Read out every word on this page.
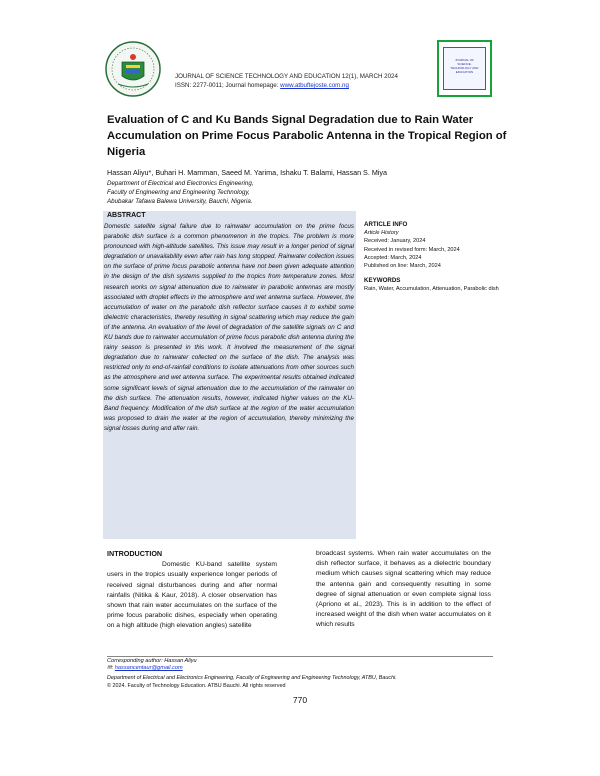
JOURNAL OF SCIENCE TECHNOLOGY AND EDUCATION 12(1), MARCH 2024
ISSN: 2277-0011; Journal homepage: www.atbuftejoste.com.ng
JOURNAL OF SCIENCE, TECHNOLOGY AND EDUCATION
Evaluation of C and Ku Bands Signal Degradation due to Rain Water Accumulation on Prime Focus Parabolic Antenna in the Tropical Region of Nigeria
Hassan Aliyu*, Buhari H. Mamman, Saeed M. Yarima, Ishaku T. Balami, Hassan S. Miya
Department of Electrical and Electronics Engineering,
Faculty of Engineering and Engineering Technology,
Abubakar Tafawa Balewa University, Bauchi, Nigeria.
ABSTRACT
Domestic satellite signal failure due to rainwater accumulation on the prime focus parabolic dish surface is a common phenomenon in the tropics. The problem is more pronounced with high-altitude satellites. This issue may result in a longer period of signal degradation or unavailability even after rain has long stopped. Rainwater collection issues on the surface of prime focus parabolic antenna have not been given adequate attention in the design of the dish systems supplied to the tropics from temperature zones. Most research works on signal attenuation due to rainwater in parabolic antennas are mostly associated with droplet effects in the atmosphere and wet antenna surface. However, the accumulation of water on the parabolic dish reflector surface causes it to exhibit some dielectric characteristics, thereby resulting in signal scattering which may reduce the gain of the antenna. An evaluation of the level of degradation of the satellite signals on C and KU bands due to rainwater accumulation of prime focus parabolic dish antenna during the rainy season is presented in this work. It involved the measurement of the signal degradation due to rainwater collected on the surface of the dish. The analysis was restricted only to end-of-rainfall conditions to isolate attenuations from other sources such as the atmosphere and wet antenna surface. The experimental results obtained indicated some significant levels of signal attenuation due to the accumulation of the rainwater on the dish surface. The attenuation results, however, indicated higher values on the KU-Band frequency. Modification of the dish surface at the region of the water accumulation was proposed to drain the water at the region of accumulation, thereby minimizing the signal losses during and after rain.
ARTICLE INFO
Article History
Received: January, 2024
Received in revised form: March, 2024
Accepted: March, 2024
Published on line: March, 2024
KEYWORDS
Rain, Water, Accumulation, Attenuation, Parabolic dish
INTRODUCTION
Domestic KU-band satellite system users in the tropics usually experience longer periods of received signal disturbances during and after normal rainfalls (Nitika & Kaur, 2018). A closer observation has shown that rain water accumulates on the surface of the prime focus parabolic dishes, especially when operating on a high altitude (high elevation angles) satellite
broadcast systems. When rain water accumulates on the dish reflector surface, it behaves as a dielectric boundary medium which causes signal scattering which may reduce the antenna gain and consequently resulting in some degree of signal attenuation or even complete signal loss (Apriono et al., 2023). This is in addition to the effect of increased weight of the dish when water accumulates on it which results
Corresponding author: Hassan Aliyu
✉: hassancentaur@gmail.com
Department of Electrical and Electronics Engineering, Faculty of Engineering and Engineering Technology, ATBU, Bauchi.
© 2024. Faculty of Technology Education. ATBU Bauchi. All rights reserved
770
